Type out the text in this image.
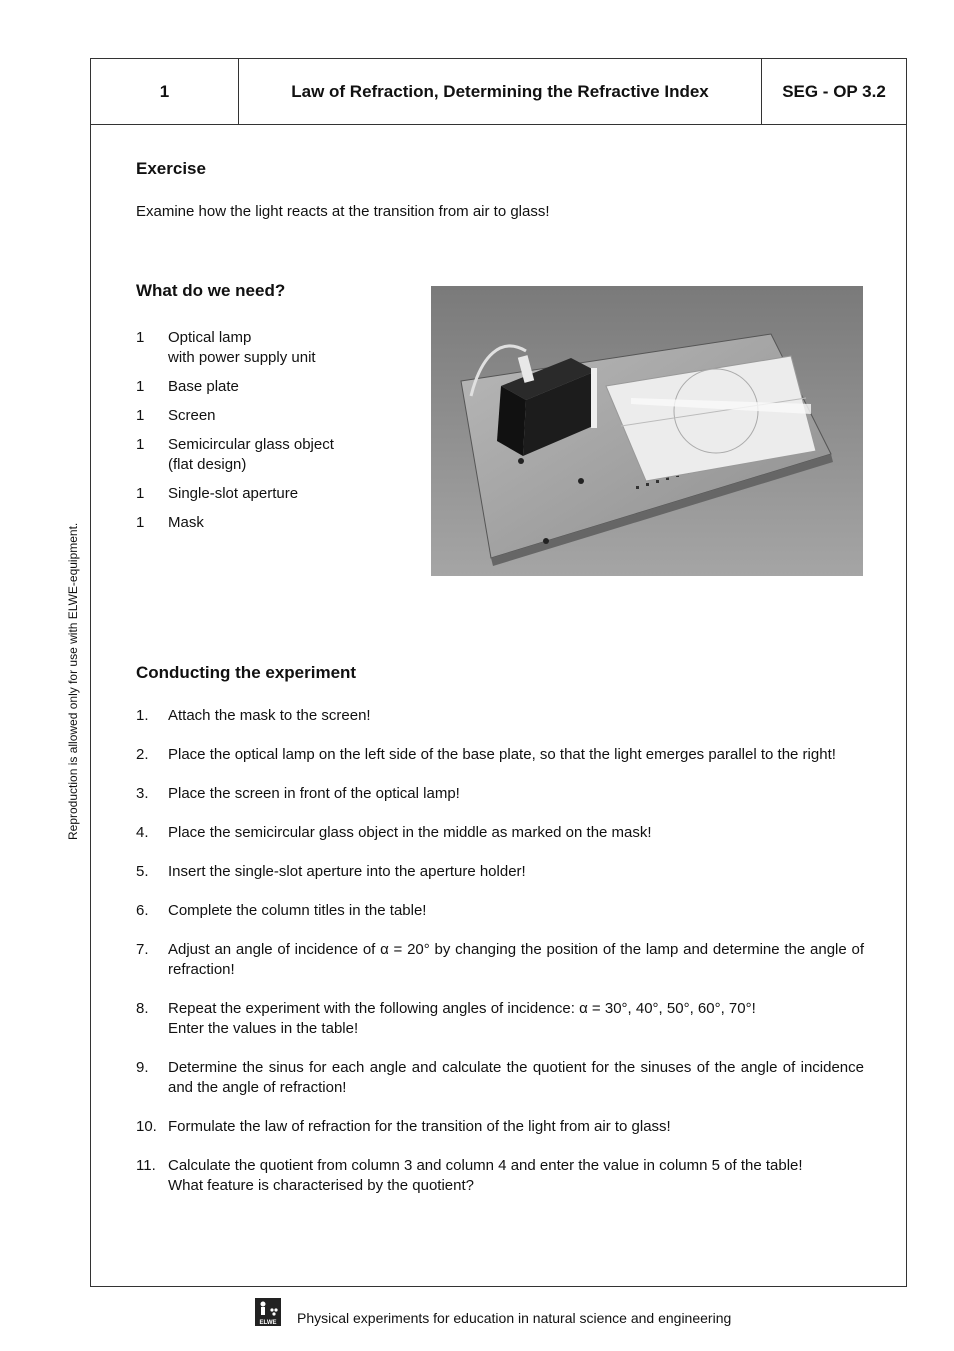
1	Law of Refraction, Determining the Refractive Index	SEG - OP 3.2
Reproduction is allowed only for use with ELWE-equipment.
Exercise
Examine how the light reacts at the transition from air to glass!
What do we need?
1	Optical lamp
with power supply unit
1	Base plate
1	Screen
1	Semicircular glass object
(flat design)
1	Single-slot aperture
1	Mask
Conducting the experiment
1.	Attach the mask to the screen!
2.	Place the optical lamp on the left side of the base plate, so that the light emerges parallel to the right!
3.	Place the screen in front of the optical lamp!
4.	Place the semicircular glass object in the middle as marked on the mask!
5.	Insert the single-slot aperture into the aperture holder!
6.	Complete the column titles in the table!
7.	Adjust an angle of incidence of α = 20° by changing the position of the lamp and determine the angle of refraction!
8.	Repeat the experiment with the following angles of incidence: α = 30°, 40°, 50°, 60°, 70°!
Enter the values in the table!
9.	Determine the sinus for each angle and calculate the quotient for the sinuses of the angle of incidence and the angle of refraction!
10. Formulate the law of refraction for the transition of the light from air to glass!
11. Calculate the quotient from column 3 and column 4 and enter the value in column 5 of the table!
What feature is characterised by the quotient?
ELWE Physical experiments for education in natural science and engineering
